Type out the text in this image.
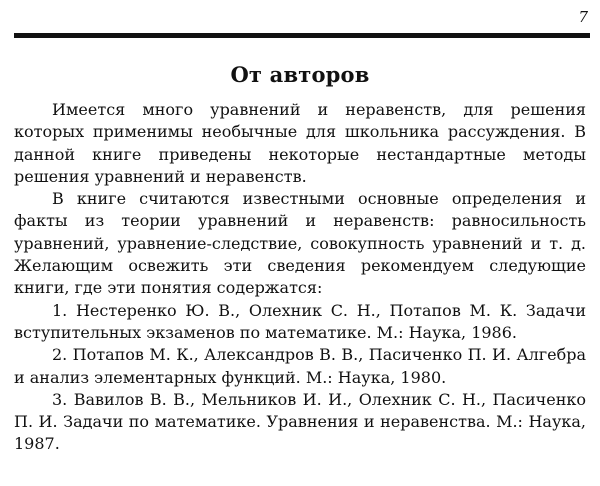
7
От авторов

Имеется много уравнений и неравенств, для решения которых применимы необычные для школьника рассуждения. В данной книге приведены некоторые нестандартные методы решения уравнений и неравенств.

В книге считаются известными основные определения и факты из теории уравнений и неравенств: равносильность уравнений, уравнение-следствие, совокупность уравнений и т. д. Желающим освежить эти сведения рекомендуем следующие книги, где эти понятия содержатся:

1. Нестеренко Ю. В., Олехник С. Н., Потапов М. К. Задачи вступительных экзаменов по математике. М.: Наука, 1986.

2. Потапов М. К., Александров В. В., Пасиченко П. И. Алгебра и анализ элементарных функций. М.: Наука, 1980.

3. Вавилов В. В., Мельников И. И., Олехник С. Н., Пасиченко П. И. Задачи по математике. Уравнения и неравенства. М.: Наука, 1987.
